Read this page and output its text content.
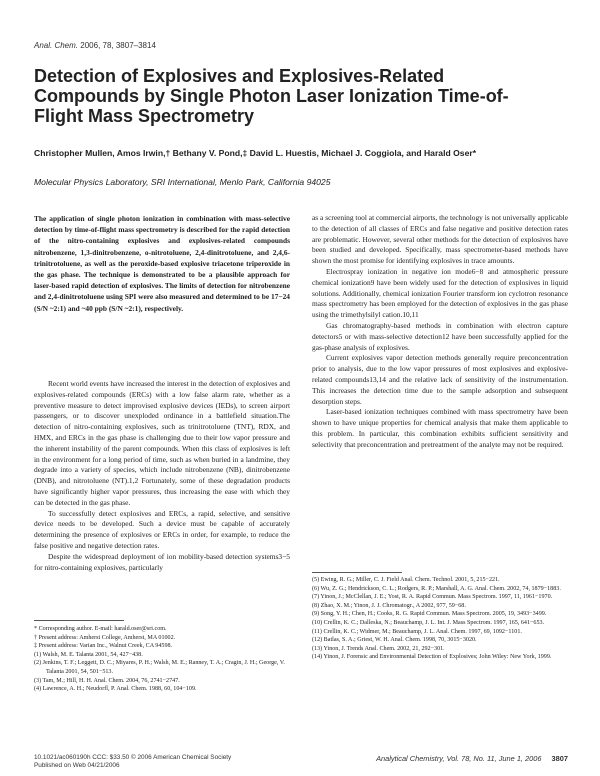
Anal. Chem. 2006, 78, 3807–3814
Detection of Explosives and Explosives-Related Compounds by Single Photon Laser Ionization Time-of-Flight Mass Spectrometry
Christopher Mullen, Amos Irwin,† Bethany V. Pond,‡ David L. Huestis, Michael J. Coggiola, and Harald Oser*
Molecular Physics Laboratory, SRI International, Menlo Park, California 94025
The application of single photon ionization in combination with mass-selective detection by time-of-flight mass spectrometry is described for the rapid detection of the nitro-containing explosives and explosives-related compounds nitrobenzene, 1,3-dinitrobenzene, o-nitrotoluene, 2,4-dinitrotoluene, and 2,4,6-trinitrotoluene, as well as the peroxide-based explosive triacetone triperoxide in the gas phase. The technique is demonstrated to be a plausible approach for laser-based rapid detection of explosives. The limits of detection for nitrobenzene and 2,4-dinitrotoluene using SPI were also measured and determined to be 17−24 (S/N ~2:1) and ~40 ppb (S/N ~2:1), respectively.

Recent world events have increased the interest in the detection of explosives and explosives-related compounds (ERCs) with a low false alarm rate, whether as a preventive measure to detect improvised explosive devices (IEDs), to screen airport passengers, or to discover unexploded ordinance in a battlefield situation.The detection of nitro-containing explosives, such as trinitrotoluene (TNT), RDX, and HMX, and ERCs in the gas phase is challenging due to their low vapor pressure and the inherent instability of the parent compounds. When this class of explosives is left in the environment for a long period of time, such as when buried in a landmine, they degrade into a variety of species, which include nitrobenzene (NB), dinitrobenzene (DNB), and nitrotoluene (NT).1,2 Fortunately, some of these degradation products have significantly higher vapor pressures, thus increasing the ease with which they can be detected in the gas phase.

To successfully detect explosives and ERCs, a rapid, selective, and sensitive device needs to be developed. Such a device must be capable of accurately determining the presence of explosives or ERCs in order, for example, to reduce the false positive and negative detection rates.

Despite the widespread deployment of ion mobility-based detection systems3−5 for nitro-containing explosives, particularly

* Corresponding author. E-mail: harald.oser@sri.com.
† Present address: Amherst College, Amherst, MA 01002.
‡ Present address: Varian Inc., Walnut Creek, CA 94598.
(1) Walsh, M. E. Talanta 2001, 54, 427−438.
(2) Jenkins, T. F.; Leggett, D. C.; Miyares, P. H.; Walsh, M. E.; Ranney, T. A.; Cragin, J. H.; George, V. Talanta 2001, 54, 501−513.
(3) Tam, M.; Hill, H. H. Anal. Chem. 2004, 76, 2741−2747.
(4) Lawrence, A. H.; Neudorfl, P. Anal. Chem. 1988, 60, 104−109.

as a screening tool at commercial airports, the technology is not universally applicable to the detection of all classes of ERCs and false negative and positive detection rates are problematic. However, several other methods for the detection of explosives have been studied and developed. Specifically, mass spectrometer-based methods have shown the most promise for identifying explosives in trace amounts.

Electrospray ionization in negative ion mode6−8 and atmospheric pressure chemical ionization9 have been widely used for the detection of explosives in liquid solutions. Additionally, chemical ionization Fourier transform ion cyclotron resonance mass spectrometry has been employed for the detection of explosives in the gas phase using the trimethylsilyl cation.10,11

Gas chromatography-based methods in combination with electron capture detectors5 or with mass-selective detection12 have been successfully applied for the gas-phase analysis of explosives.

Current explosives vapor detection methods generally require preconcentration prior to analysis, due to the low vapor pressures of most explosives and explosive-related compounds13,14 and the relative lack of sensitivity of the instrumentation. This increases the detection time due to the sample adsorption and subsequent desorption steps.

Laser-based ionization techniques combined with mass spectrometry have been shown to have unique properties for chemical analysis that make them applicable to this problem. In particular, this combination exhibits sufficient sensitivity and selectivity that preconcentration and pretreatment of the analyte may not be required.

(5) Ewing, R. G.; Miller, C. J. Field Anal. Chem. Technol. 2001, 5, 215−221.
(6) Wu, Z. G.; Hendrickson, C. L.; Rodgers, R. P.; Marshall, A. G. Anal. Chem. 2002, 74, 1879−1883.
(7) Yinon, J.; McClellan, J. E.; Yost, R. A. Rapid Commun. Mass Spectrom. 1997, 11, 1961−1970.
(8) Zhao, X. M.; Yinon, J. J. Chromatogr., A 2002, 977, 59−68.
(9) Song, Y. H.; Chen, H.; Cooks, R. G. Rapid Commun. Mass Spectrom. 2005, 19, 3493−3499.
(10) Crellin, K. C.; Dalleska, N.; Beauchamp, J. L. Int. J. Mass Spectrom. 1997, 165, 641−653.
(11) Crellin, K. C.; Widmer, M.; Beauchamp, J. L. Anal. Chem. 1997, 69, 1092−1101.
(12) Batlas, S. A.; Griest, W. H. Anal. Chem. 1998, 70, 3015−3020.
(13) Yinon, J. Trends Anal. Chem. 2002, 21, 292−301.
(14) Yinon, J. Forensic and Environmental Detection of Explosives; John Wiley: New York, 1999.
10.1021/ac060190h CCC: $33.50 © 2006 American Chemical Society
Published on Web 04/21/2006
Analytical Chemistry, Vol. 78, No. 11, June 1, 2006 3807
